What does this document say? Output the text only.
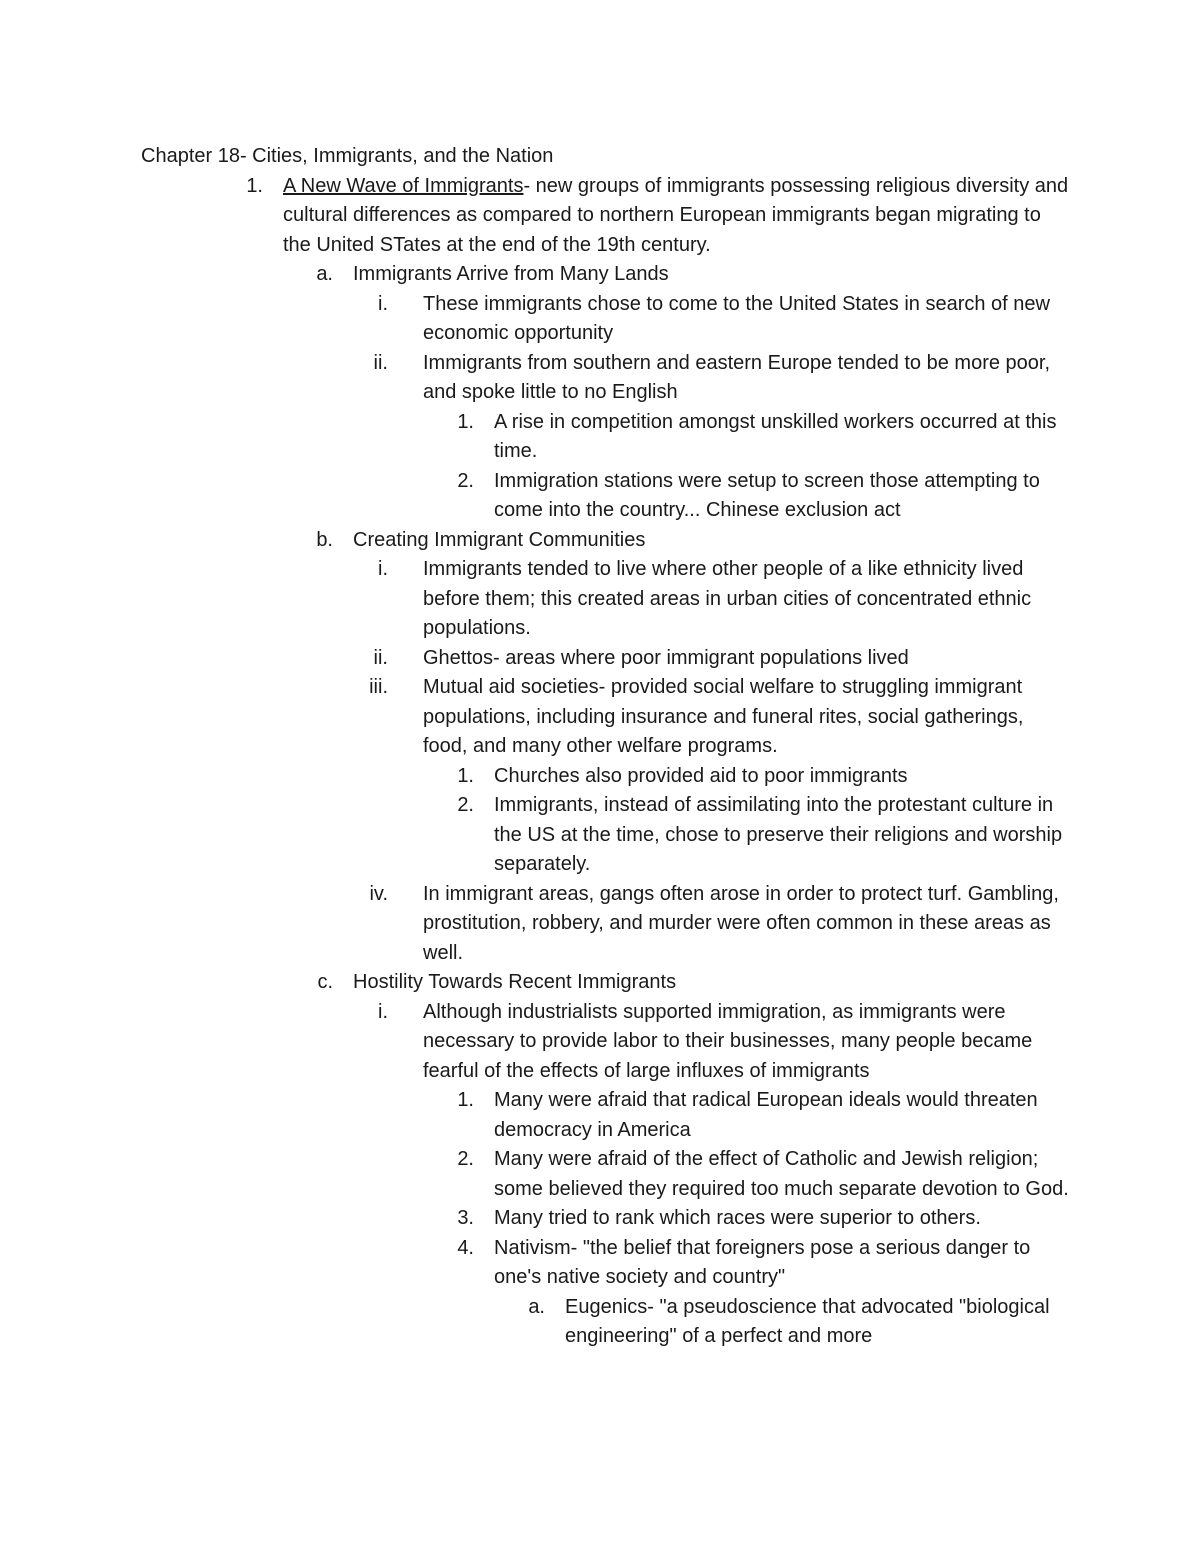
Chapter 18- Cities, Immigrants, and the Nation
1. A New Wave of Immigrants- new groups of immigrants possessing religious diversity and cultural differences as compared to northern European immigrants began migrating to the United STates at the end of the 19th century.
a. Immigrants Arrive from Many Lands
i. These immigrants chose to come to the United States in search of new economic opportunity
ii. Immigrants from southern and eastern Europe tended to be more poor, and spoke little to no English
1. A rise in competition amongst unskilled workers occurred at this time.
2. Immigration stations were setup to screen those attempting to come into the country... Chinese exclusion act
b. Creating Immigrant Communities
i. Immigrants tended to live where other people of a like ethnicity lived before them; this created areas in urban cities of concentrated ethnic populations.
ii. Ghettos- areas where poor immigrant populations lived
iii. Mutual aid societies- provided social welfare to struggling immigrant populations, including insurance and funeral rites, social gatherings, food, and many other welfare programs.
1. Churches also provided aid to poor immigrants
2. Immigrants, instead of assimilating into the protestant culture in the US at the time, chose to preserve their religions and worship separately.
iv. In immigrant areas, gangs often arose in order to protect turf. Gambling, prostitution, robbery, and murder were often common in these areas as well.
c. Hostility Towards Recent Immigrants
i. Although industrialists supported immigration, as immigrants were necessary to provide labor to their businesses, many people became fearful of the effects of large influxes of immigrants
1. Many were afraid that radical European ideals would threaten democracy in America
2. Many were afraid of the effect of Catholic and Jewish religion; some believed they required too much separate devotion to God.
3. Many tried to rank which races were superior to others.
4. Nativism- "the belief that foreigners pose a serious danger to one's native society and country"
a. Eugenics- "a pseudoscience that advocated "biological engineering" of a perfect and more
